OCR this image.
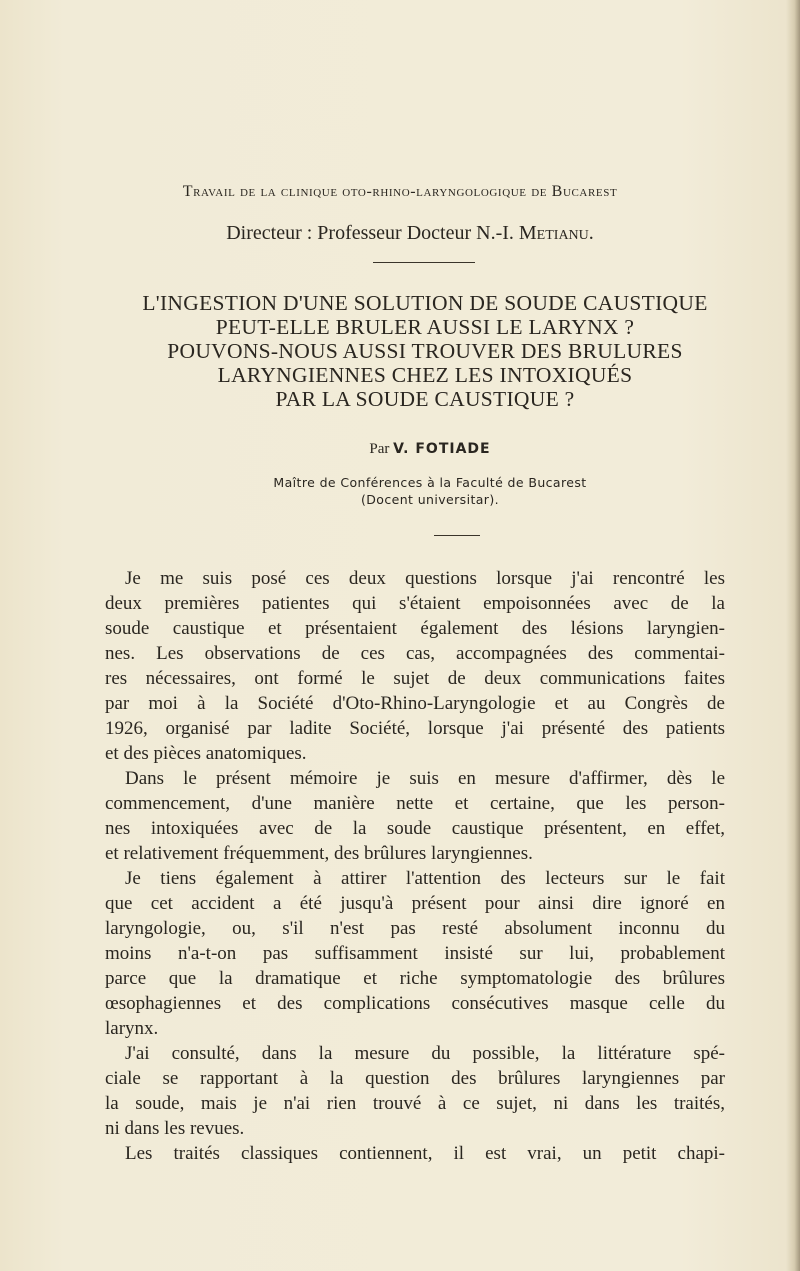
Travail de la clinique oto-rhino-laryngologique de Bucarest
Directeur : Professeur Docteur N.-I. Metianu.
L'INGESTION D'UNE SOLUTION DE SOUDE CAUSTIQUE
PEUT-ELLE BRULER AUSSI LE LARYNX ?
POUVONS-NOUS AUSSI TROUVER DES BRULURES
LARYNGIENNES CHEZ LES INTOXIQUÉS
PAR LA SOUDE CAUSTIQUE ?
Par V. FOTIADE
Maître de Conférences à la Faculté de Bucarest
(Docent universitar).
Je me suis posé ces deux questions lorsque j'ai rencontré les
deux premières patientes qui s'étaient empoisonnées avec de la
soude caustique et présentaient également des lésions laryngien-
nes. Les observations de ces cas, accompagnées des commentai-
res nécessaires, ont formé le sujet de deux communications faites
par moi à la Société d'Oto-Rhino-Laryngologie et au Congrès de
1926, organisé par ladite Société, lorsque j'ai présenté des patients
et des pièces anatomiques.
Dans le présent mémoire je suis en mesure d'affirmer, dès le
commencement, d'une manière nette et certaine, que les person-
nes intoxiquées avec de la soude caustique présentent, en effet,
et relativement fréquemment, des brûlures laryngiennes.
Je tiens également à attirer l'attention des lecteurs sur le fait
que cet accident a été jusqu'à présent pour ainsi dire ignoré en
laryngologie, ou, s'il n'est pas resté absolument inconnu du
moins n'a-t-on pas suffisamment insisté sur lui, probablement
parce que la dramatique et riche symptomatologie des brûlures
œsophagiennes et des complications consécutives masque celle du
larynx.
J'ai consulté, dans la mesure du possible, la littérature spé-
ciale se rapportant à la question des brûlures laryngiennes par
la soude, mais je n'ai rien trouvé à ce sujet, ni dans les traités,
ni dans les revues.
Les traités classiques contiennent, il est vrai, un petit chapi-
